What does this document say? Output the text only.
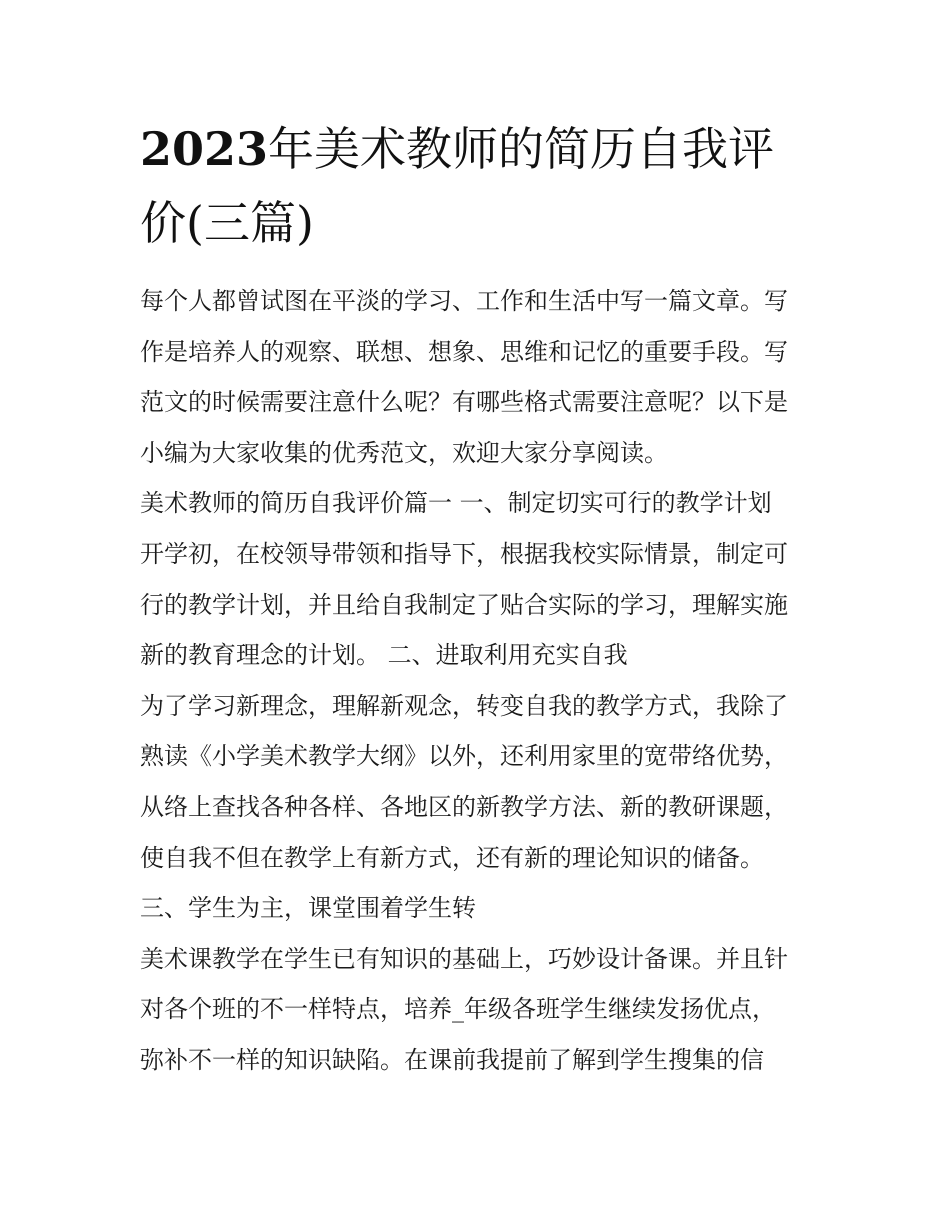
2023年美术教师的简历自我评价(三篇)

每个人都曾试图在平淡的学习、工作和生活中写一篇文章。写

作是培养人的观察、联想、想象、思维和记忆的重要手段。写

范文的时候需要注意什么呢？有哪些格式需要注意呢？以下是

小编为大家收集的优秀范文，欢迎大家分享阅读。

美术教师的简历自我评价篇一 一、制定切实可行的教学计划

开学初，在校领导带领和指导下，根据我校实际情景，制定可

行的教学计划，并且给自我制定了贴合实际的学习，理解实施

新的教育理念的计划。 二、进取利用充实自我

为了学习新理念，理解新观念，转变自我的教学方式，我除了

熟读《小学美术教学大纲》以外，还利用家里的宽带络优势，

从络上查找各种各样、各地区的新教学方法、新的教研课题，

使自我不但在教学上有新方式，还有新的理论知识的储备。

三、学生为主，课堂围着学生转

美术课教学在学生已有知识的基础上，巧妙设计备课。并且针

对各个班的不一样特点，培养_年级各班学生继续发扬优点，

弥补不一样的知识缺陷。在课前我提前了解到学生搜集的信
